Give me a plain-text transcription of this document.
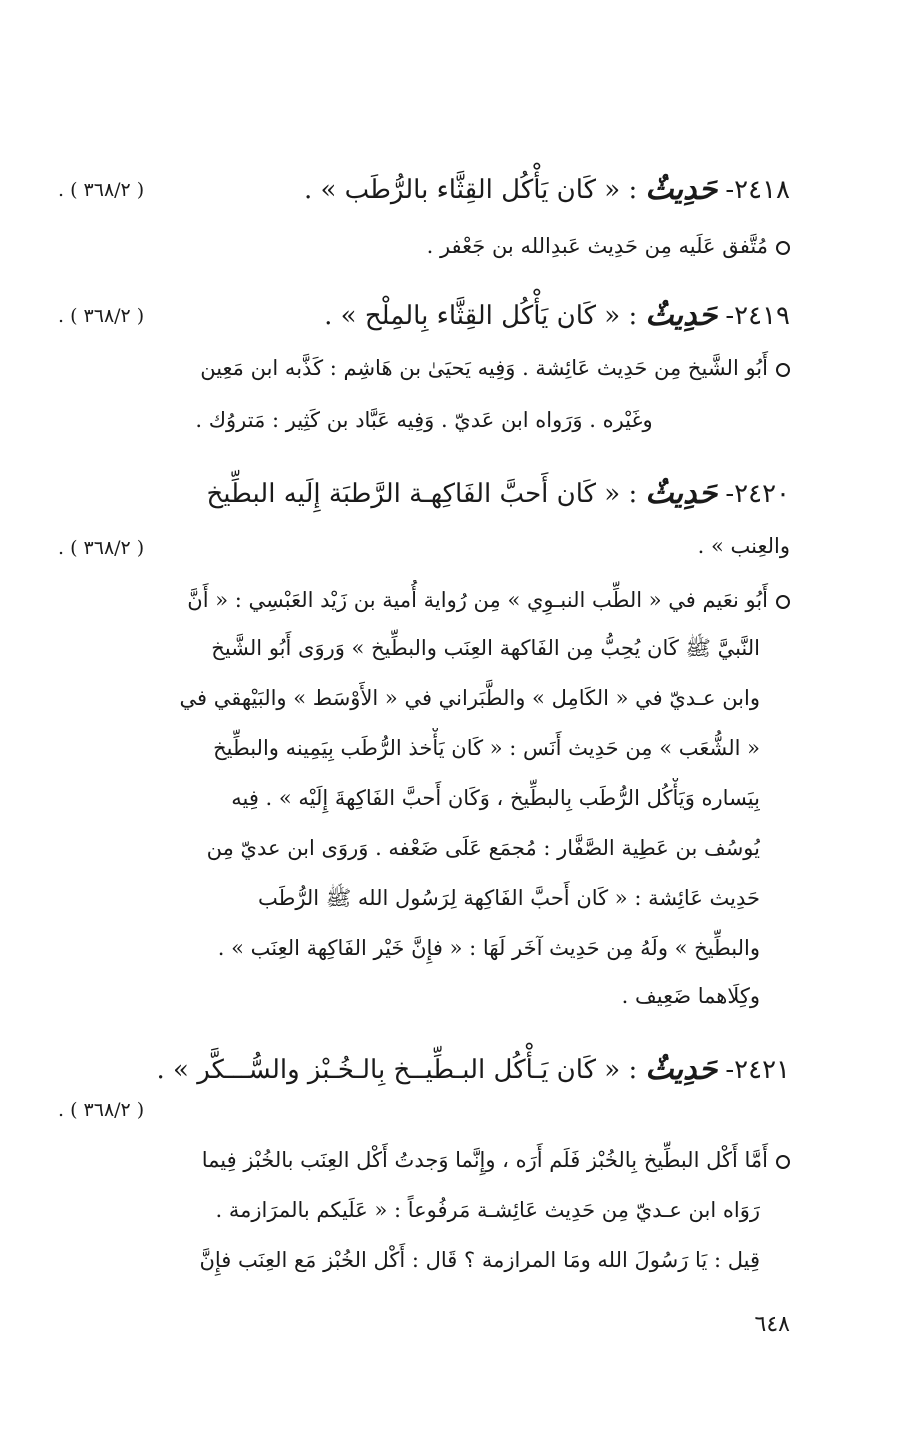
٢٤١٨-
حَدِيثٌ
: « كَان يَأْكُل القِثَّاء بالرُّطَب » .
( ٣٦٨/٢ ) .
مُتَّفق عَلَيه مِن حَدِيث عَبدِالله بن جَعْفر .
٢٤١٩-
حَدِيثٌ
: « كَان يَأْكُل القِثَّاء بِالمِلْح » .
( ٣٦٨/٢ ) .
أَبُو الشَّيخ مِن حَدِيث عَائِشة . وَفِيه يَحيَىٰ بن هَاشِم : كَذَّبه ابن مَعِين
وغَيْره . وَرَواه ابن عَديّ . وَفِيه عَبَّاد بن كَثِير : مَتروُك .
٢٤٢٠-
حَدِيثٌ
: « كَان أَحبَّ الفَاكِهـة الرَّطبَة إِلَيه البطِّيخ
والعِنب » .
( ٣٦٨/٢ ) .
أَبُو نعَيم في « الطِّب النبـوِي » مِن رُواية أُمية بن زَيْد العَبْسِي : « أَنَّ
النَّبيَّ ﷺ كَان يُحِبُّ مِن الفَاكهة العِنَب والبطِّيخ » وَروَى أَبُو الشَّيخ
وابن عـديّ في « الكَامِل » والطَّبَراني في « الأَوْسَط » والبَيْهقي في
« الشُّعَب » مِن حَدِيث أَنَس : « كَان يَأْخذ الرُّطَب بِيَمِينه والبطِّيخ
بِيَساره وَيَأْكُل الرُّطَب بِالبطِّيخ ، وَكَان أَحبَّ الفَاكِهةَ إِلَيْه » . فِيه
يُوسُف بن عَطِية الصَّفَّار : مُجمَع عَلَى ضَعْفه . وَروَى ابن عديّ مِن
حَدِيث عَائِشة : « كَان أَحبَّ الفَاكِهة لِرَسُول الله ﷺ الرُّطَب
والبطِّيخ » ولَهُ مِن حَدِيث آخَر لَهَا : « فإِنَّ خَيْر الفَاكِهة العِنَب » .
وكِلَاهما ضَعِيف .
٢٤٢١-
حَدِيثٌ
: « كَان يَـأْكُل البـطِّيــخ بِالـخُـبْز والسُّـــكَّر » .
( ٣٦٨/٢ ) .
أَمَّا أَكْل البطِّيخ بِالخُبْز فَلَم أَرَه ، وإِنَّما وَجدتُ أَكْل العِنَب بالخُبْز فِيما
رَوَاه ابن عـديّ مِن حَدِيث عَائِشـة مَرفُوعاً : « عَلَيكم بالمرَازمة .
قِيل : يَا رَسُولَ الله ومَا المرازمة ؟ قَال : أَكْل الخُبْز مَع العِنَب فإِنَّ
٦٤٨
